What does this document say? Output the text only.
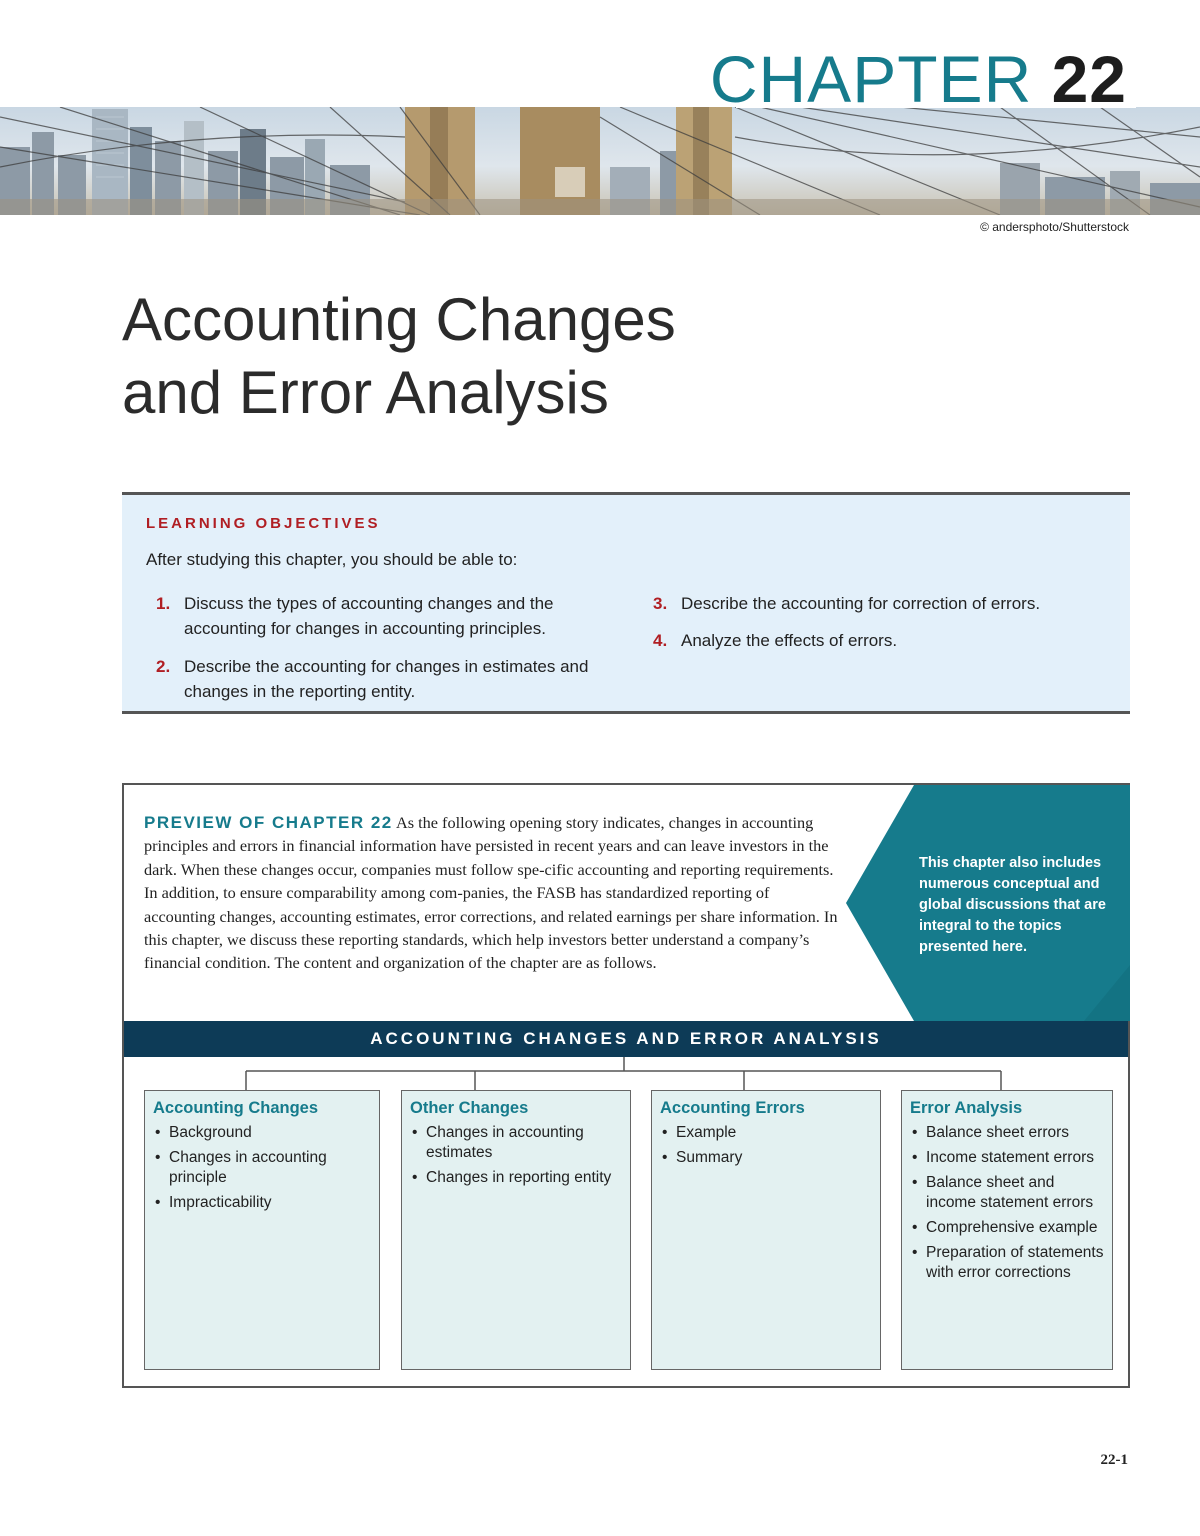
CHAPTER 22
© andersphoto/Shutterstock
Accounting Changes
and Error Analysis
LEARNING OBJECTIVES
After studying this chapter, you should be able to:
1. Discuss the types of accounting changes and the accounting for changes in accounting principles.
2. Describe the accounting for changes in estimates and changes in the reporting entity.
3. Describe the accounting for correction of errors.
4. Analyze the effects of errors.

PREVIEW OF CHAPTER 22 As the following opening story indicates, changes in accounting principles and errors in financial information have persisted in recent years and can leave investors in the dark. When these changes occur, companies must follow spe-cific accounting and reporting requirements. In addition, to ensure comparability among com-panies, the FASB has standardized reporting of accounting changes, accounting estimates, error corrections, and related earnings per share information. In this chapter, we discuss these reporting standards, which help investors better understand a company’s financial condition. The content and organization of the chapter are as follows.

This chapter also includes numerous conceptual and global discussions that are integral to the topics presented here.
ACCOUNTING CHANGES AND ERROR ANALYSIS
Accounting Changes
• Background
• Changes in accounting principle
• Impracticability
Other Changes
• Changes in accounting estimates
• Changes in reporting entity
Accounting Errors
• Example
• Summary
Error Analysis
• Balance sheet errors
• Income statement errors
• Balance sheet and income statement errors
• Comprehensive example
• Preparation of statements with error corrections
22-1
